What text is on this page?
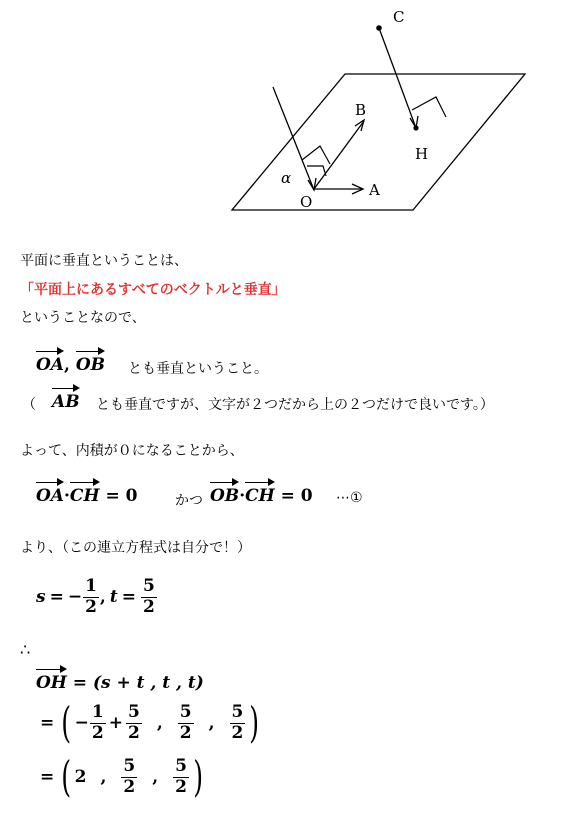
C
B
H
A
O
α
平面に垂直ということは、
「平面上にあるすべてのベクトルと垂直」
ということなので、
OA, OB とも垂直ということ。
（ AB とも垂直ですが、文字が２つだから上の２つだけで良いです。）
よって、内積が０になることから、
OA·CH = 0	かつ OB·CH = 0 ⋯①
より、（この連立方程式は自分で！）
s = − $\frac{1}{2}$ , $t = \frac{5}{2}$
∴
OH = (s + t , t , t)
= ( − $\frac{1}{2} + \frac{5}{2}$ , $\frac{5}{2}$ , $\frac{5}{2}$ )
= ( 2 , $\frac{5}{2}$ , $\frac{5}{2}$ )
